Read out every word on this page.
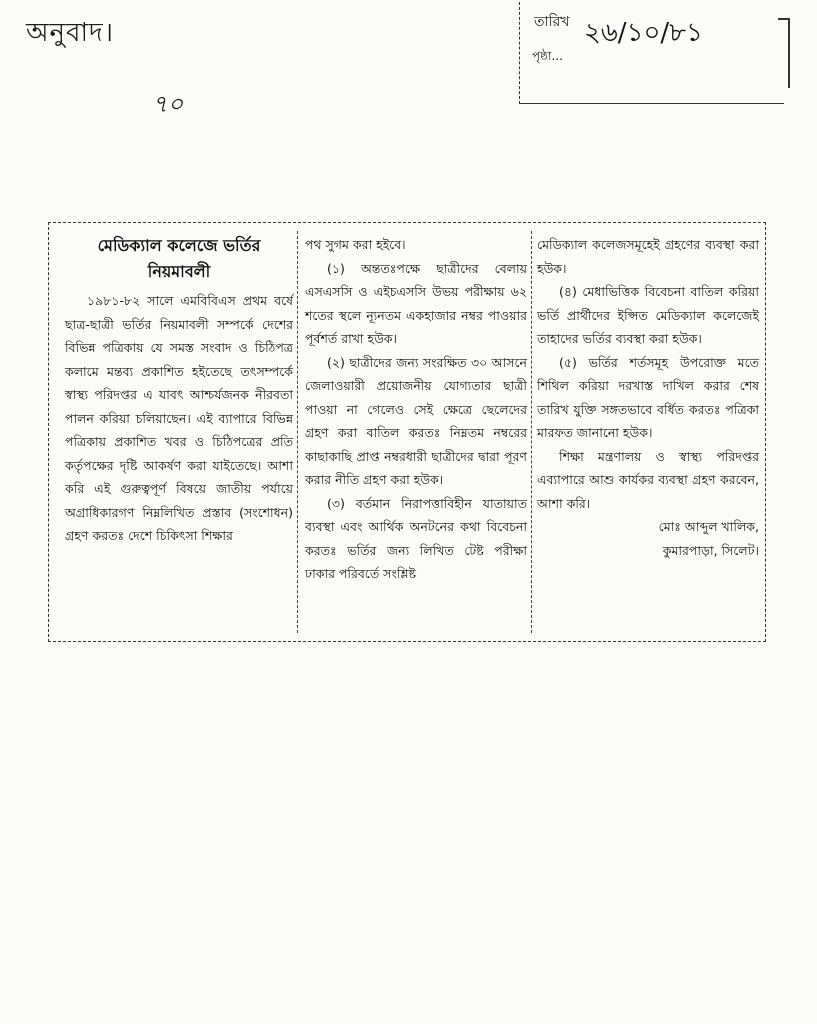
অনুবাদ।
৭০
তারিখ ২৬/১০/৮১
পৃষ্ঠা...
মেডিক্যাল কলেজে ভর্তির
নিয়মাবলী

১৯৮১-৮২ সালে এমবিবিএস প্রথম বর্ষে ছাত্র-ছাত্রী ভর্তির নিয়মাবলী সম্পর্কে দেশের বিভিন্ন পত্রিকায় যে সমস্ত সংবাদ ও চিঠিপত্র কলামে মন্তব্য প্রকাশিত হইতেছে তৎসম্পর্কে স্বাস্থ্য পরিদপ্তর এ যাবৎ আশ্চর্যজনক নীরবতা পালন করিয়া চলিয়াছেন। এই ব্যাপারে বিভিন্ন পত্রিকায় প্রকাশিত খবর ও চিঠিপত্রের প্রতি কর্তৃপক্ষের দৃষ্টি আকর্ষণ করা যাইতেছে। আশা করি এই গুরুত্বপূর্ণ বিষয়ে জাতীয় পর্যায়ে অগ্রাধিকারগণ নিম্নলিখিত প্রস্তাব (সংশোধন) গ্রহণ করতঃ দেশে চিকিৎসা শিক্ষার

পথ সুগম করা হইবে।

(১) অন্ততঃপক্ষে ছাত্রীদের বেলায় এসএসসি ও এইচএসসি উভয় পরীক্ষায় ৬২ শতের স্থলে ন্যূনতম একহাজার নম্বর পাওয়ার পূর্বশর্ত রাখা হউক।

(২) ছাত্রীদের জন্য সংরক্ষিত ৩০ আসনে জেলাওয়ারী প্রয়োজনীয় যোগ্যতার ছাত্রী পাওয়া না গেলেও সেই ক্ষেত্রে ছেলেদের গ্রহণ করা বাতিল করতঃ নিম্নতম নম্বরের কাছাকাছি প্রাপ্ত নম্বরধারী ছাত্রীদের দ্বারা পূরণ করার নীতি গ্রহণ করা হউক।

(৩) বর্তমান নিরাপত্তাবিহীন যাতায়াত ব্যবস্থা এবং আর্থিক অনটনের কথা বিবেচনা করতঃ ভর্তির জন্য লিখিত টেষ্ট পরীক্ষা ঢাকার পরিবর্তে সংশ্লিষ্ট

মেডিক্যাল কলেজসমূহেই গ্রহণের ব্যবস্থা করা হউক।

(৪) মেধাভিত্তিক বিবেচনা বাতিল করিয়া ভর্তি প্রার্থীদের ইপ্সিত মেডিক্যাল কলেজেই তাহাদের ভর্তির ব্যবস্থা করা হউক।

(৫) ভর্তির শর্তসমূহ উপরোক্ত মতে শিথিল করিয়া দরখাস্ত দাখিল করার শেষ তারিখ যুক্তি সঙ্গতভাবে বর্ধিত করতঃ পত্রিকা মারফত জানানো হউক।

শিক্ষা মন্ত্রণালয় ও স্বাস্থ্য পরিদপ্তর এব্যাপারে আশু কার্যকর ব্যবস্থা গ্রহণ করবেন, আশা করি।

মোঃ আব্দুল খালিক,

কুমারপাড়া, সিলেট।
